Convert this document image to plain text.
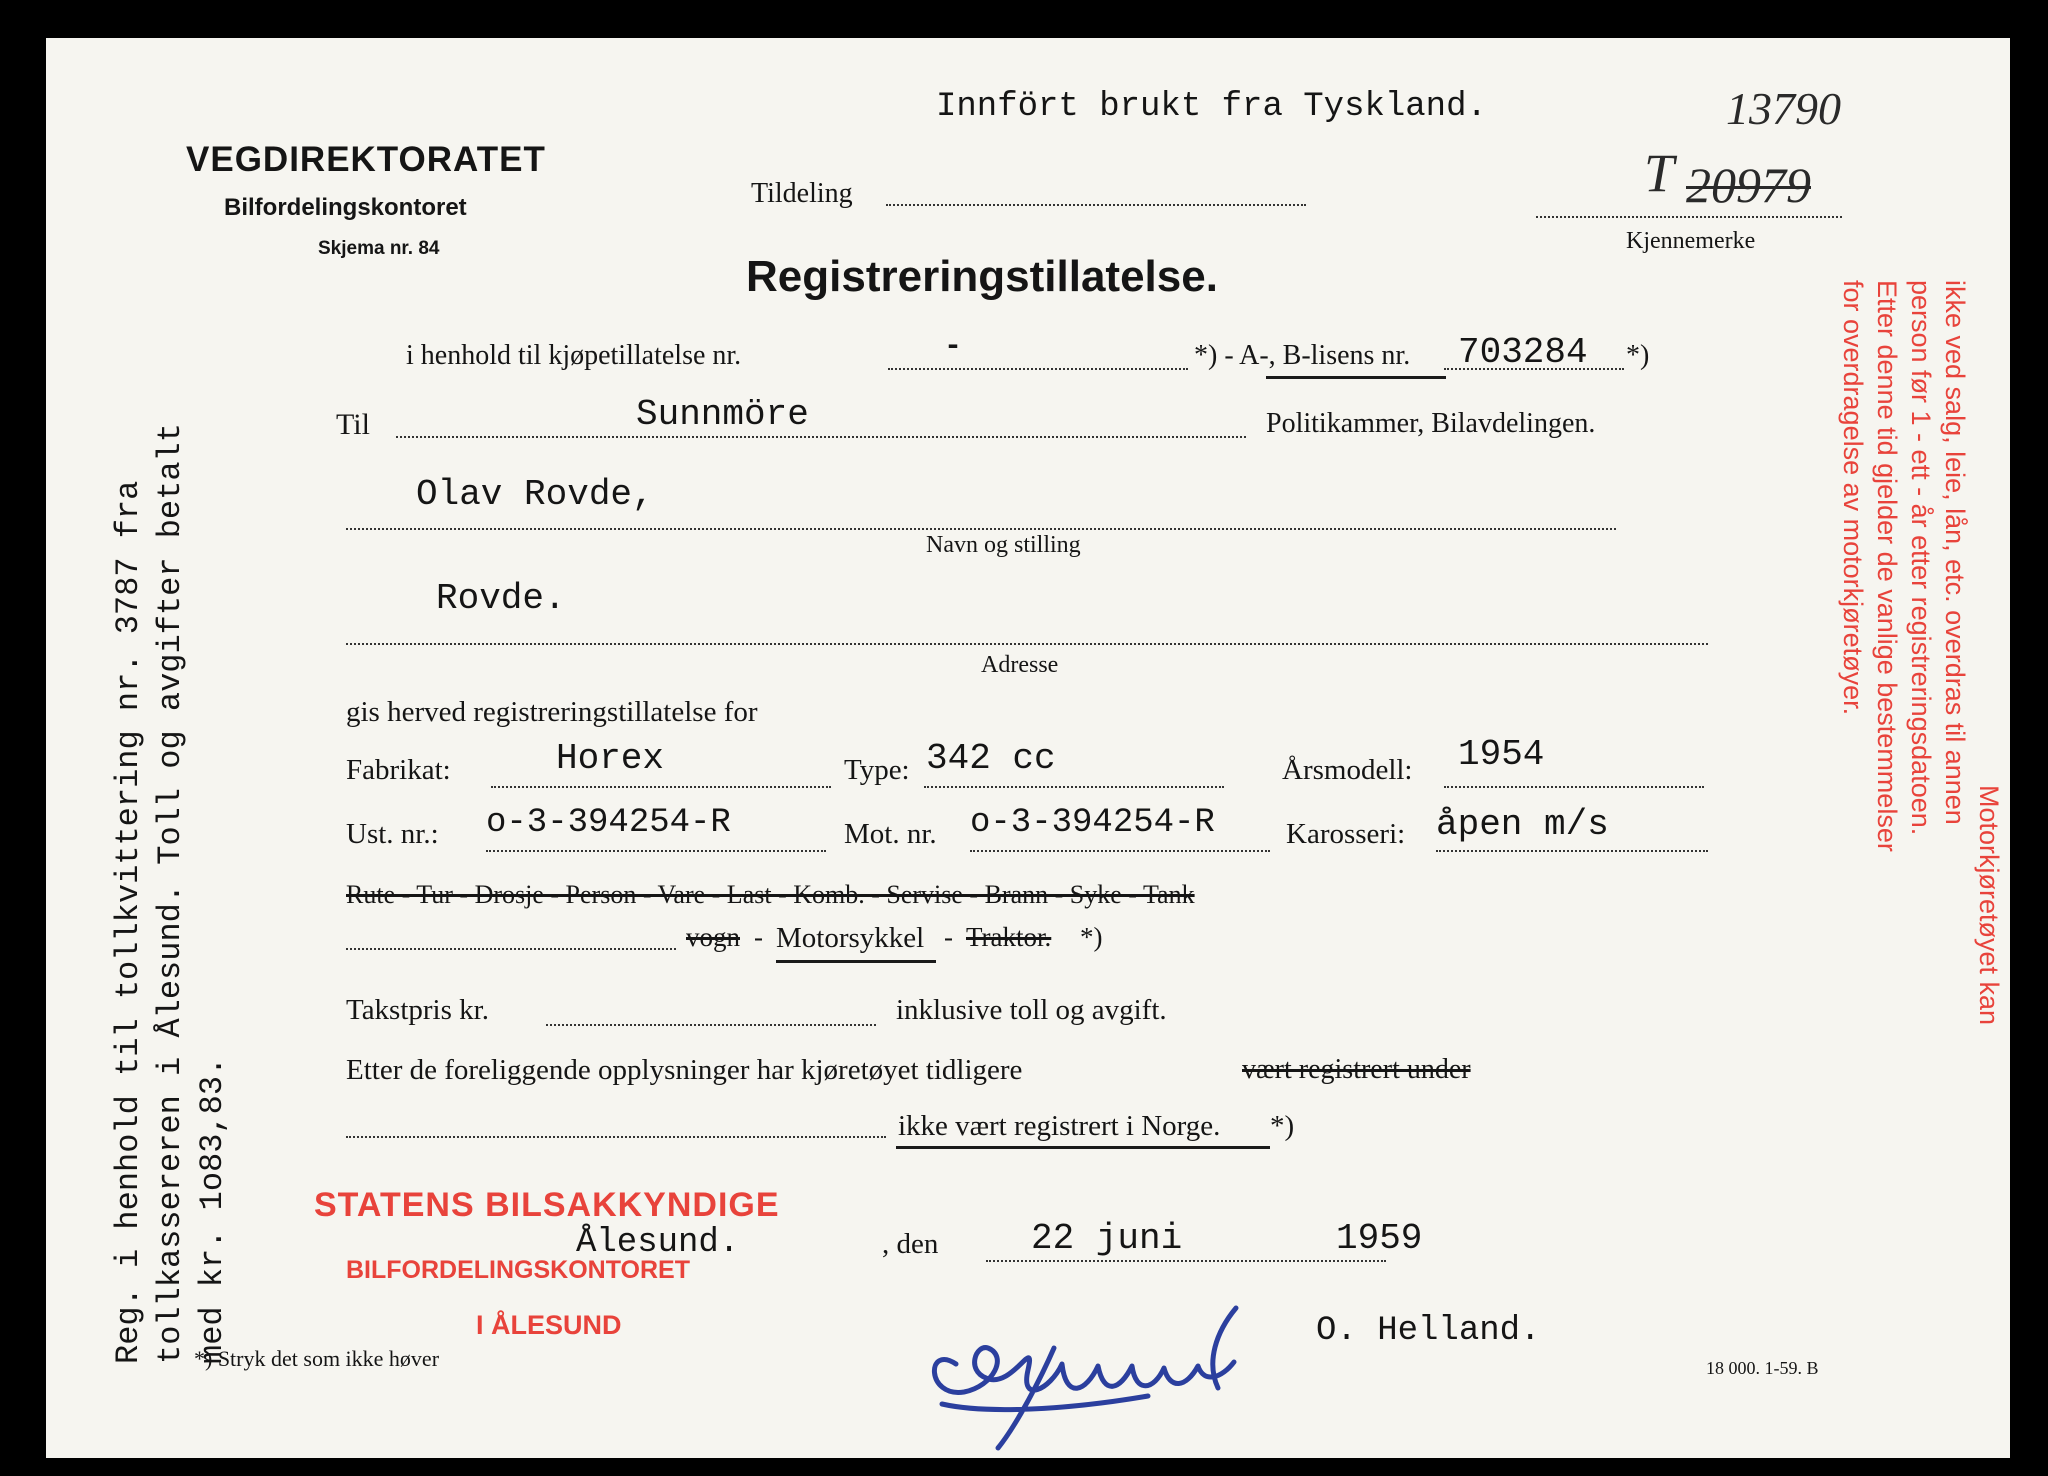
Innfört brukt fra Tyskland.	13790
T 20979
Kjennemerke
VEGDIREKTORATET
Bilfordelingskontoret
Skjema nr. 84
Tildeling
Registreringstillatelse.
i henhold til kjøpetillatelse nr.	-	*) - A-, B-lisens nr. 703284 *)
Til	Sunnmöre	Politikammer, Bilavdelingen.
Olav Rovde,
Navn og stilling
Rovde.
Adresse
gis herved registreringstillatelse for
Fabrikat:	Horex	Type: 342 cc	Årsmodell: 1954
Ust. nr.: o-3-394254-R	Mot. nr. o-3-394254-R Karosseri: åpen m/s
Rute - Tur - Drosje - Person - Vare - Last - Komb. - Servise - Brann - Syke - Tank
vogn - Motorsykkel - Traktor. *)
Takstpris kr.	inklusive toll og avgift.
Etter de foreliggende opplysninger har kjøretøyet tidligere	vært registrert under
ikke vært registrert i Norge. *)
STATENS BILSAKKYNDIGE
BILFORDELINGSKONTORET
I ÅLESUND
Ålesund.	, den	22 juni	1959
O. Helland.
*) Stryk det som ikke høver	18 000. 1-59. B
Reg. i henhold til tollkvittering nr. 3787 fra tollkassereren i Ålesund. Toll og avgifter betalt med kr. 1o83,83.
Motorkjøretøyet kan
ikke ved salg, leie, lån, etc. overdras til annen
person før 1 - ett - år etter registreringsdatoen.
Etter denne tid gjelder de vanlige bestemmelser
for overdragelse av motorkjøretøyer.
